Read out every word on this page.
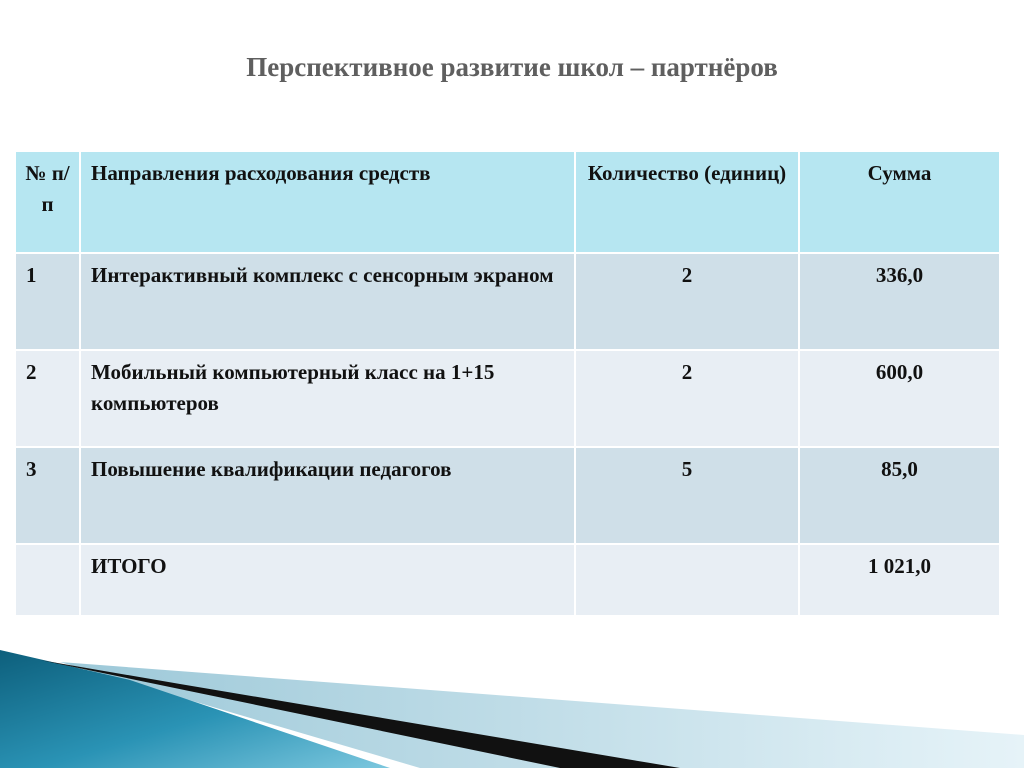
Перспективное развитие школ – партнёров
№ п/п	Направления расходования средств	Количество (единиц)	Сумма
1	Интерактивный комплекс с сенсорным экраном	2	336,0
2	Мобильный компьютерный класс на 1+15 компьютеров	2	600,0
3	Повышение квалификации педагогов	5	85,0
	ИТОГО		1 021,0
